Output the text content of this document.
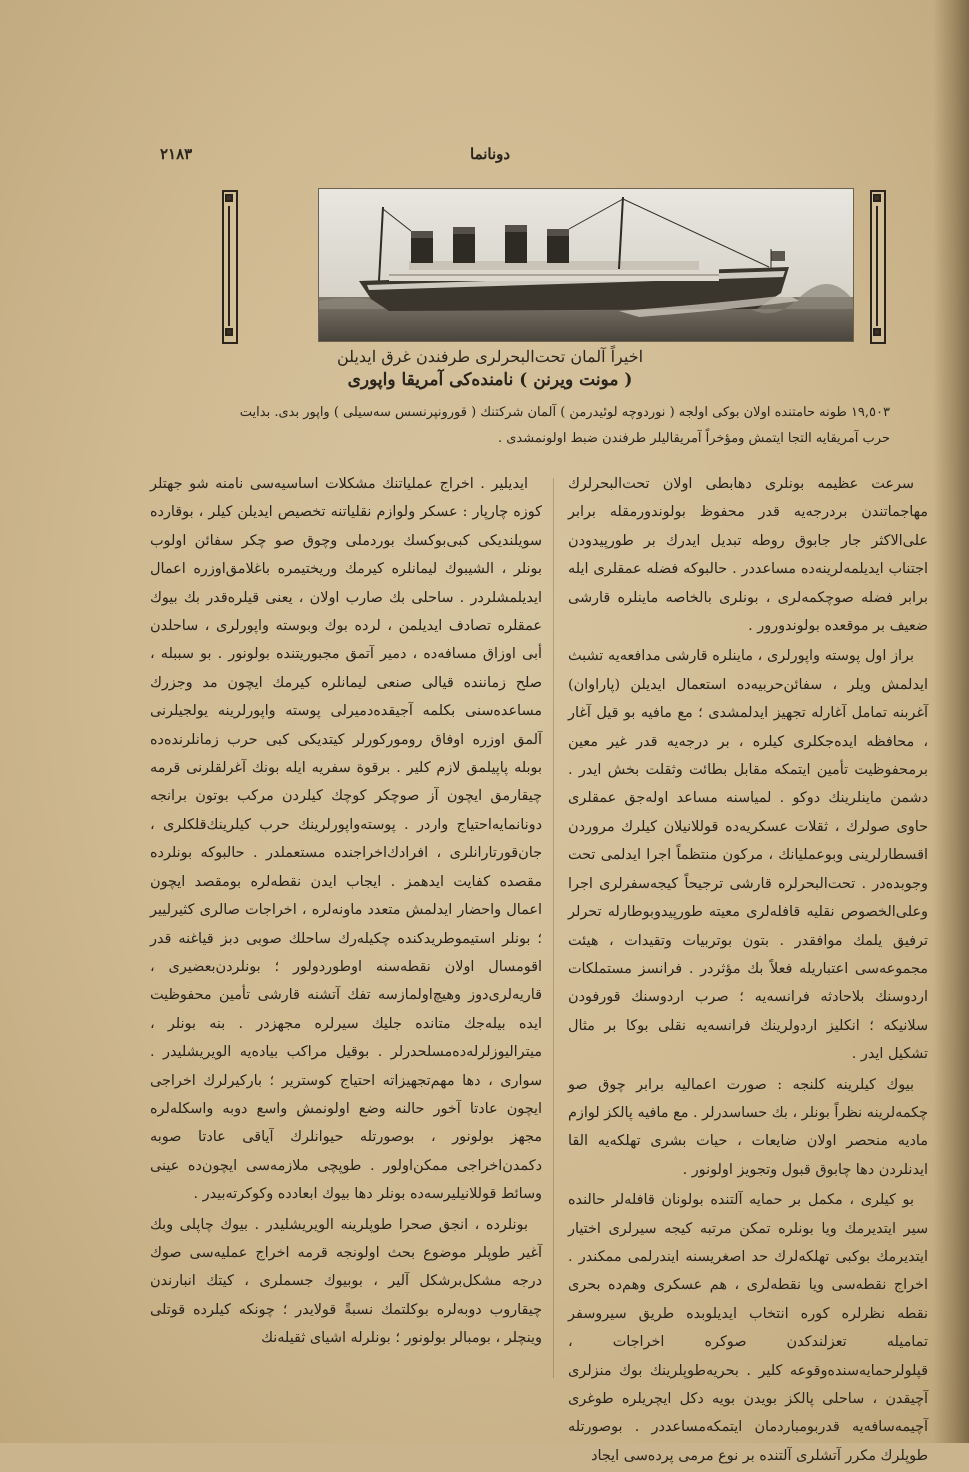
٢١٨٣	دونانما
اخيراً آلمان تحت‌البحرلرى طرفندن غرق ايديلن
( مونت ويرنن ) نامنده‌كى آمريقا واپورى
١٩,٥٠٣ طونه حامتنده اولان بوكى اولجه ( نوردوچه لوئيدرمن ) آلمان شركتنك ( قورونپرنسس سه‌سيلى ) واپور بدى. بدايت
حرب آمريقايه التجا ايتمش ومؤخراً آمريقاليلر طرفندن ضبط اولونمشدى .

سرعت عظيمه بونلرى دهابطى اولان تحت‌البحرلرك مهاجماتندن بردرجه‌يه قدر محفوظ بولوندورمقله برابر على‌الاكثر جار جابوق روطه تبديل ايدرك بر طورپيدودن اجتناب ايديلمه‌لرينه‌ده مساعددر . حالبوكه فضله عمقلرى ايله برابر فضله صوچكمه‌لرى ، بونلرى بالخاصه ماينلره قارشى ضعيف بر موقعده بولوندورور .

براز اول پوسته واپورلرى ، ماينلره قارشى مدافعه‌يه تشبث ايدلمش ويلر ، سفائن‌حربيه‌ده استعمال ايديلن (پاراوان) آغربنه تمامل آغارله تجهيز ايدلمشدى ؛ مع مافيه بو قيل آغار ، محافظه ايده‌جكلرى كيلره ، بر درجه‌يه قدر غير معين برمحفوظيت تأمين ايتمكه مقابل بطائت وثقلت بخش ايدر . دشمن ماينلرينك دوكو . لمياسنه مساعد اوله‌جق عمقلرى حاوى صولرك ، ثقلات عسكريه‌ده قوللانيلان كيلرك مروردن اقسطارلرينى وبوعمليانك ، مركون منتظماً اجرا ايدلمى تحت وجوبده‌در . تحت‌البحرلره قارشى ترجيحاً كيجه‌سفرلرى اجرا وعلى‌الخصوص نقليه قافله‌لرى معيته طورپيدوبوطارله تحرلر ترفيق يلمك موافقدر . بتون بوتربيات وتقيدات ، هيئت مجموعه‌سى اعتباريله فعلاً بك مؤثردر . فرانسز مستملكات اردوسنك بلاحادثه فرانسه‌يه ؛ صرب اردوسنك قورفودن سلانيكه ؛ انكليز اردولرينك فرانسه‌يه نقلى بوكا بر مثال تشكيل ايدر .

بيوك كيلرينه كلنجه : صورت اعماليه برابر چوق صو چكمه‌لرينه نظراً بونلر ، بك حساسدرلر . مع مافيه پالكز لوازم ماديه منحصر اولان ضايعات ، حيات بشرى تهلكه‌يه القا ايدنلردن دها چابوق قبول وتجويز اولونور .

بو كيلرى ، مكمل بر حمايه آلتنده بولونان قافله‌لر حالنده سير ايتديرمك ويا بونلره تمكن مرتبه كيجه سيرلرى اختيار ايتديرمك بوكبى تهلكه‌لرك حد اصغريسنه ايندرلمى ممكندر . اخراج نقطه‌سى ويا نقطه‌لرى ، هم عسكرى وهم‌ده بحرى نقطه نظرلره كوره انتخاب ايديلوبده طريق سيروسفر تماميله تعزلندكدن صوكره اخراجات ، قپلولرحمايه‌سنده‌وقوعه كلير . بحريه‌طوپلرينك بوك منزلرى آچيقدن ، ساحلى پالكز بويدن بويه دكل ايچريلره طوغرى آچيمه‌سافه‌يه قدربومباردمان ايتمكه‌مساعددر . بوصورتله طوپلرك مكرر آتشلرى آلتنده بر نوع مرمى پرده‌سى ايجاد

ايديلير . اخراج عملياتنك مشكلات اساسيه‌سى نامنه شو جهتلر كوزه چارپار : عسكر ولوازم نقلياتنه تخصيص ايديلن كيلر ، بوقارده سويلنديكى كبى‌بوكسك بوردملى وچوق صو چكر سفائن اولوب بونلر ، الشيبوك ليمانلره كيرمك وريختيمره باغلامق‌اوزره اعمال ايديلمشلردر . ساحلى بك صارب اولان ، يعنى قيلره‌قدر بك بيوك عمقلره تصادف ايديلمن ، لرده بوك وبوسته واپورلرى ، ساحلدن أبى اوزاق مسافه‌ده ، دمير آتمق مجبوريتنده بولونور . بو سببله ، صلح زماننده قيالى صنعى ليمانلره كيرمك ايچون مد وجزرك مساعده‌سنى بكلمه آجيقده‌دميرلى پوسته واپورلرينه يولجيلرنى آلمق اوزره اوفاق روموركورلر كيتديكى كبى حرب زمانلرنده‌ده بوبله پاپيلمق لازم كلير . برقوة سفريه ايله بونك آغرلقلرنى قرمه چيقارمق ايچون آز صوچكر كوچك كيلردن مركب بوتون برانجه دونانمايه‌احتياج واردر . پوسته‌واپورلرينك حرب كيلرينك‌قلكلرى ، جان‌قورتارانلرى ، افرادك‌اخراجنده مستعملدر . حالبوكه بونلرده مقصده كفايت ايدهمز . ايجاب ايدن نقطه‌لره بومقصد ايچون اعمال واحضار ايدلمش متعدد ماونه‌لره ، اخراجات صالرى كثيرليير ؛ بونلر استيموطريدكنده چكيله‌رك ساحلك صوبى دبز قياغنه قدر اقومسال اولان نقطه‌سنه اوطوردولور ؛ بونلردن‌بعضيرى ، قاريه‌لرى‌دوز وهيچ‌اولمازسه تفك آتشنه قارشى تأمين محفوظيت ايده بيله‌جك متانده جليك سيرلره مجهزدر . بنه بونلر ، ميتراليوزلرله‌ده‌مسلحدرلر . بوقيل مراكب بياده‌يه الويريشليدر . سوارى ، دها مهم‌تجهيزاته احتياج كوسترير ؛ باركيرلرك اخراجى ايچون عادتا آخور حالنه وضع اولونمش واسع دوبه واسكله‌لره مجهز بولونور ، بو‌صورتله حيوانلرك آياقى عادتا صوبه دكمدن‌اخراجى ممكن‌اولور . طوپچى ملازمه‌سى ايچون‌ده عينى وسائط قوللانيليرسه‌ده بونلر دها بيوك ابعادده وكوكرته‌بيدر .

بونلرده ، انجق صحرا طوپلرينه الويريشليدر . بيوك چاپلى وبك آغير طوپلر موضوع بحث اولونجه قرمه اخراج عمليه‌سى صوك درجه مشكل‌برشكل آلير ، بوبيوك جسملرى ، كيتك انبارندن چيقاروب دوبه‌لره بوكلتمك نسبةً قولايدر ؛ چونكه كيلرده قوتلى وينچلر ، بومبالر بولونور ؛ بونلرله اشياى ثقيله‌نك
